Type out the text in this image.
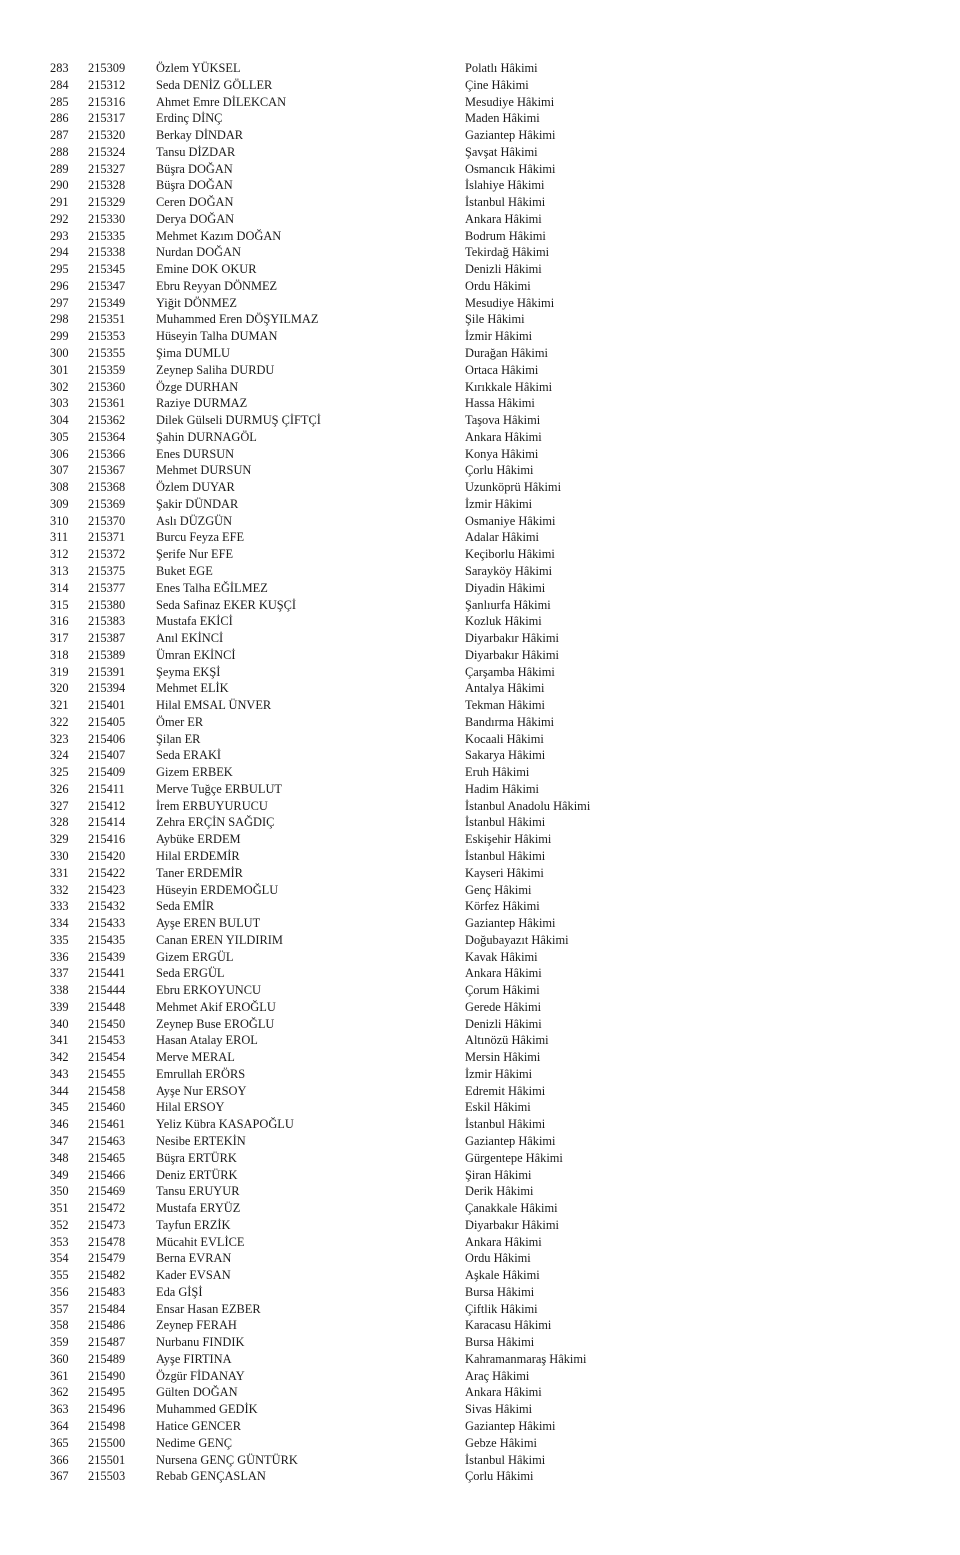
283	215309 Özlem YÜKSEL	Polatlı Hâkimi
284	215312 Seda DENİZ GÖLLER	Çine Hâkimi
285	215316 Ahmet Emre DİLEKCAN	Mesudiye Hâkimi
286	215317 Erdinç DİNÇ	Maden Hâkimi
287	215320 Berkay DİNDAR	Gaziantep Hâkimi
288	215324 Tansu DİZDAR	Şavşat Hâkimi
289	215327 Büşra DOĞAN	Osmancık Hâkimi
290	215328 Büşra DOĞAN	İslahiye Hâkimi
291	215329 Ceren DOĞAN	İstanbul Hâkimi
292	215330 Derya DOĞAN	Ankara Hâkimi
293	215335 Mehmet Kazım DOĞAN	Bodrum Hâkimi
294	215338 Nurdan DOĞAN	Tekirdağ Hâkimi
295	215345 Emine DOK OKUR	Denizli Hâkimi
296	215347 Ebru Reyyan DÖNMEZ	Ordu Hâkimi
297	215349 Yiğit DÖNMEZ	Mesudiye Hâkimi
298	215351 Muhammed Eren DÖŞYILMAZ	Şile Hâkimi
299	215353 Hüseyin Talha DUMAN	İzmir Hâkimi
300	215355 Şima DUMLU	Durağan Hâkimi
301	215359 Zeynep Saliha DURDU	Ortaca Hâkimi
302	215360 Özge DURHAN	Kırıkkale Hâkimi
303	215361 Raziye DURMAZ	Hassa Hâkimi
304	215362 Dilek Gülseli DURMUŞ ÇİFTÇİ	Taşova Hâkimi
305	215364 Şahin DURNAGÖL	Ankara Hâkimi
306	215366 Enes DURSUN	Konya Hâkimi
307	215367 Mehmet DURSUN	Çorlu Hâkimi
308	215368 Özlem DUYAR	Uzunköprü Hâkimi
309	215369 Şakir DÜNDAR	İzmir Hâkimi
310	215370 Aslı DÜZGÜN	Osmaniye Hâkimi
311	215371 Burcu Feyza EFE	Adalar Hâkimi
312	215372 Şerife Nur EFE	Keçiborlu Hâkimi
313	215375 Buket EGE	Sarayköy Hâkimi
314	215377 Enes Talha EĞİLMEZ	Diyadin Hâkimi
315	215380 Seda Safinaz EKER KUŞÇİ	Şanlıurfa Hâkimi
316	215383 Mustafa EKİCİ	Kozluk Hâkimi
317	215387 Anıl EKİNCİ	Diyarbakır Hâkimi
318	215389 Ümran EKİNCİ	Diyarbakır Hâkimi
319	215391 Şeyma EKŞİ	Çarşamba Hâkimi
320	215394 Mehmet ELİK	Antalya Hâkimi
321	215401 Hilal EMSAL ÜNVER	Tekman Hâkimi
322	215405 Ömer ER	Bandırma Hâkimi
323	215406 Şilan ER	Kocaali Hâkimi
324	215407 Seda ERAKİ	Sakarya Hâkimi
325	215409 Gizem ERBEK	Eruh Hâkimi
326	215411	Merve Tuğçe ERBULUT	Hadim Hâkimi
327	215412 İrem ERBUYURUCU	İstanbul Anadolu Hâkimi
328	215414 Zehra ERÇİN SAĞDIÇ	İstanbul Hâkimi
329	215416 Aybüke ERDEM	Eskişehir Hâkimi
330	215420 Hilal ERDEMİR	İstanbul Hâkimi
331	215422 Taner ERDEMİR	Kayseri Hâkimi
332	215423 Hüseyin ERDEMOĞLU	Genç Hâkimi
333	215432 Seda EMİR	Körfez Hâkimi
334	215433 Ayşe EREN BULUT	Gaziantep Hâkimi
335	215435 Canan EREN YILDIRIM	Doğubayazıt Hâkimi
336	215439 Gizem ERGÜL	Kavak Hâkimi
337	215441 Seda ERGÜL	Ankara Hâkimi
338	215444 Ebru ERKOYUNCU	Çorum Hâkimi
339	215448 Mehmet Akif EROĞLU	Gerede Hâkimi
340	215450 Zeynep Buse EROĞLU	Denizli Hâkimi
341	215453 Hasan Atalay EROL	Altınözü Hâkimi
342	215454 Merve MERAL	Mersin Hâkimi
343	215455 Emrullah ERÖRS	İzmir Hâkimi
344	215458 Ayşe Nur ERSOY	Edremit Hâkimi
345	215460 Hilal ERSOY	Eskil Hâkimi
346	215461 Yeliz Kübra KASAPOĞLU	İstanbul Hâkimi
347	215463 Nesibe ERTEKİN	Gaziantep Hâkimi
348	215465 Büşra ERTÜRK	Gürgentepe Hâkimi
349	215466 Deniz ERTÜRK	Şiran Hâkimi
350	215469 Tansu ERUYUR	Derik Hâkimi
351	215472 Mustafa ERYÜZ	Çanakkale Hâkimi
352	215473 Tayfun ERZİK	Diyarbakır Hâkimi
353	215478 Mücahit EVLİCE	Ankara Hâkimi
354	215479 Berna EVRAN	Ordu Hâkimi
355	215482 Kader EVSAN	Aşkale Hâkimi
356	215483 Eda GİŞİ	Bursa Hâkimi
357	215484 Ensar Hasan EZBER	Çiftlik Hâkimi
358	215486 Zeynep FERAH	Karacasu Hâkimi
359	215487 Nurbanu FINDIK	Bursa Hâkimi
360	215489 Ayşe FIRTINA	Kahramanmaraş Hâkimi
361	215490 Özgür FİDANAY	Araç Hâkimi
362	215495 Gülten DOĞAN	Ankara Hâkimi
363	215496 Muhammed GEDİK	Sivas Hâkimi
364	215498 Hatice GENCER	Gaziantep Hâkimi
365	215500 Nedime GENÇ	Gebze Hâkimi
366	215501 Nursena GENÇ GÜNTÜRK	İstanbul Hâkimi
367	215503 Rebab GENÇASLAN	Çorlu Hâkimi
